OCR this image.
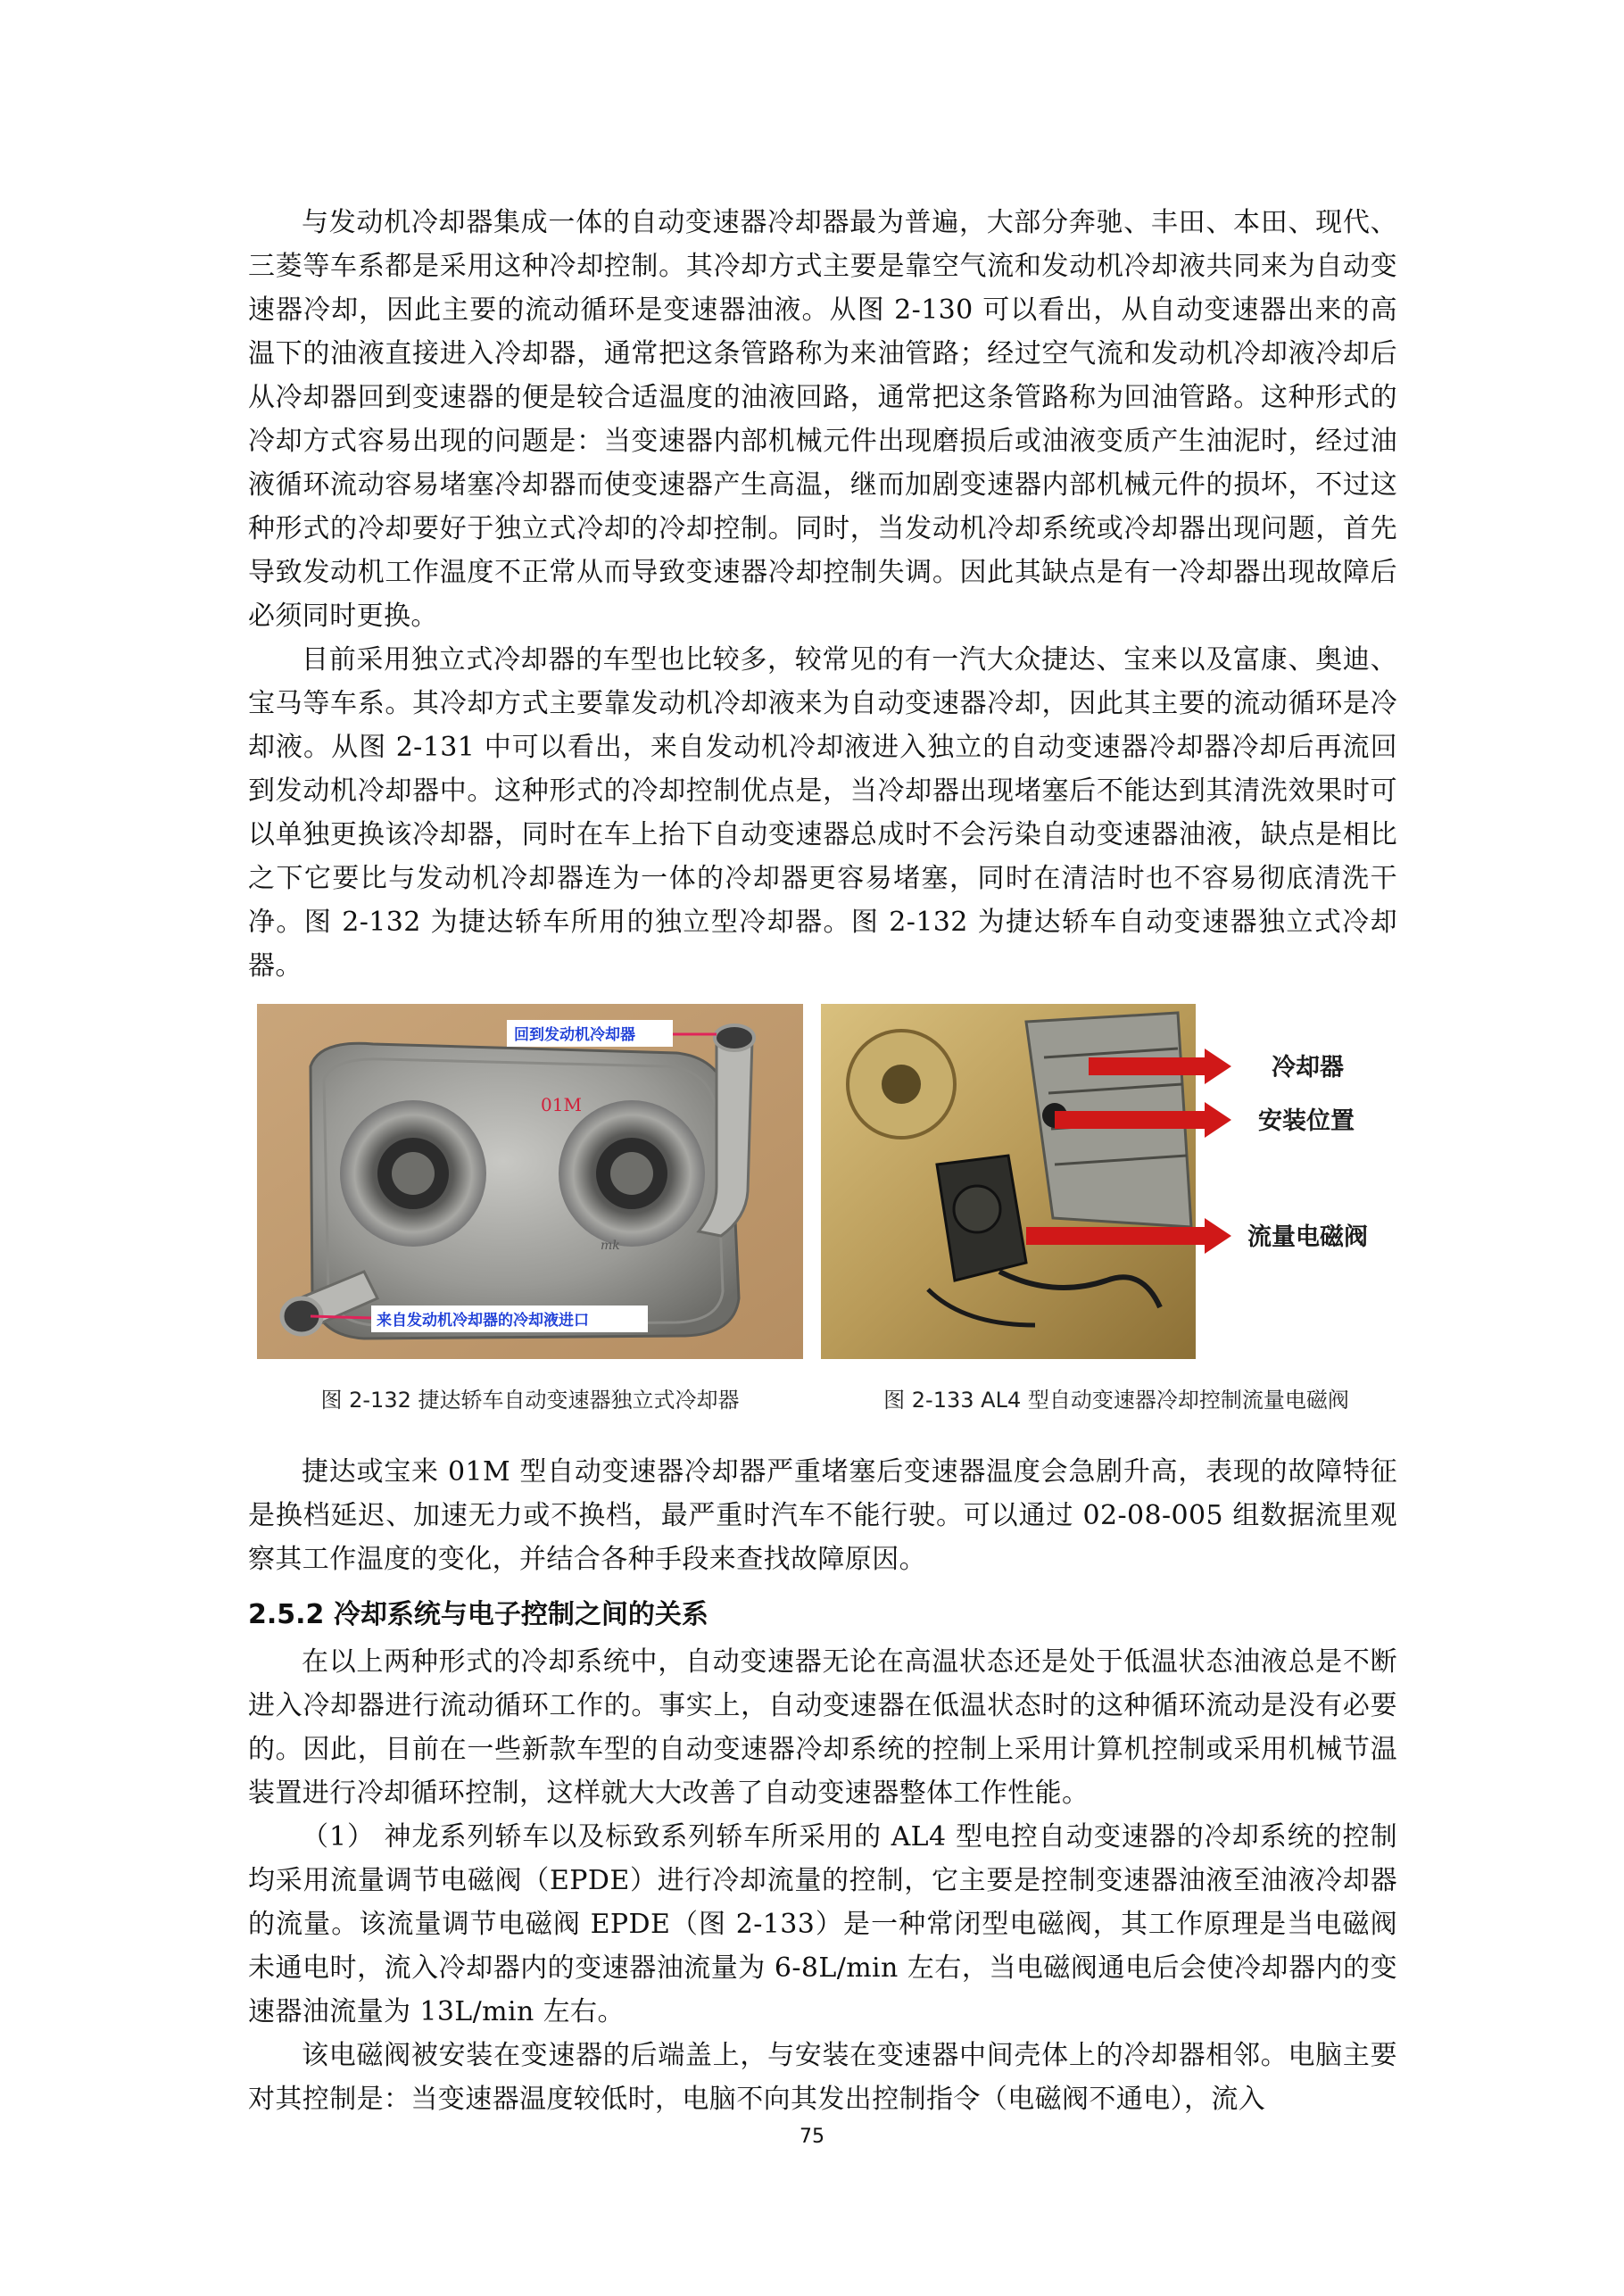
与发动机冷却器集成一体的自动变速器冷却器最为普遍，大部分奔驰、丰田、本田、现代、三菱等车系都是采用这种冷却控制。其冷却方式主要是靠空气流和发动机冷却液共同来为自动变速器冷却，因此主要的流动循环是变速器油液。从图 2-130 可以看出，从自动变速器出来的高温下的油液直接进入冷却器，通常把这条管路称为来油管路；经过空气流和发动机冷却液冷却后从冷却器回到变速器的便是较合适温度的油液回路，通常把这条管路称为回油管路。这种形式的冷却方式容易出现的问题是：当变速器内部机械元件出现磨损后或油液变质产生油泥时，经过油液循环流动容易堵塞冷却器而使变速器产生高温，继而加剧变速器内部机械元件的损坏，不过这种形式的冷却要好于独立式冷却的冷却控制。同时，当发动机冷却系统或冷却器出现问题，首先导致发动机工作温度不正常从而导致变速器冷却控制失调。因此其缺点是有一冷却器出现故障后必须同时更换。

目前采用独立式冷却器的车型也比较多，较常见的有一汽大众捷达、宝来以及富康、奥迪、宝马等车系。其冷却方式主要靠发动机冷却液来为自动变速器冷却，因此其主要的流动循环是冷却液。从图 2-131 中可以看出，来自发动机冷却液进入独立的自动变速器冷却器冷却后再流回到发动机冷却器中。这种形式的冷却控制优点是，当冷却器出现堵塞后不能达到其清洗效果时可以单独更换该冷却器，同时在车上抬下自动变速器总成时不会污染自动变速器油液，缺点是相比之下它要比与发动机冷却器连为一体的冷却器更容易堵塞，同时在清洁时也不容易彻底清洗干净。图 2-132 为捷达轿车所用的独立型冷却器。图 2-132 为捷达轿车自动变速器独立式冷却器。

mk
回到发动机冷却器
01M
来自发动机冷却器的冷却液进口
图 2-132 捷达轿车自动变速器独立式冷却器
冷却器
安装位置
流量电磁阀
图 2-133 AL4 型自动变速器冷却控制流量电磁阀

捷达或宝来 01M 型自动变速器冷却器严重堵塞后变速器温度会急剧升高，表现的故障特征是换档延迟、加速无力或不换档，最严重时汽车不能行驶。可以通过 02-08-005 组数据流里观察其工作温度的变化，并结合各种手段来查找故障原因。

2.5.2 冷却系统与电子控制之间的关系

在以上两种形式的冷却系统中，自动变速器无论在高温状态还是处于低温状态油液总是不断进入冷却器进行流动循环工作的。事实上，自动变速器在低温状态时的这种循环流动是没有必要的。因此，目前在一些新款车型的自动变速器冷却系统的控制上采用计算机控制或采用机械节温装置进行冷却循环控制，这样就大大改善了自动变速器整体工作性能。

（1） 神龙系列轿车以及标致系列轿车所采用的 AL4 型电控自动变速器的冷却系统的控制均采用流量调节电磁阀（EPDE）进行冷却流量的控制，它主要是控制变速器油液至油液冷却器的流量。该流量调节电磁阀 EPDE（图 2-133）是一种常闭型电磁阀，其工作原理是当电磁阀未通电时，流入冷却器内的变速器油流量为 6-8L/min 左右，当电磁阀通电后会使冷却器内的变速器油流量为 13L/min 左右。

该电磁阀被安装在变速器的后端盖上，与安装在变速器中间壳体上的冷却器相邻。电脑主要对其控制是：当变速器温度较低时，电脑不向其发出控制指令（电磁阀不通电），流入

75
